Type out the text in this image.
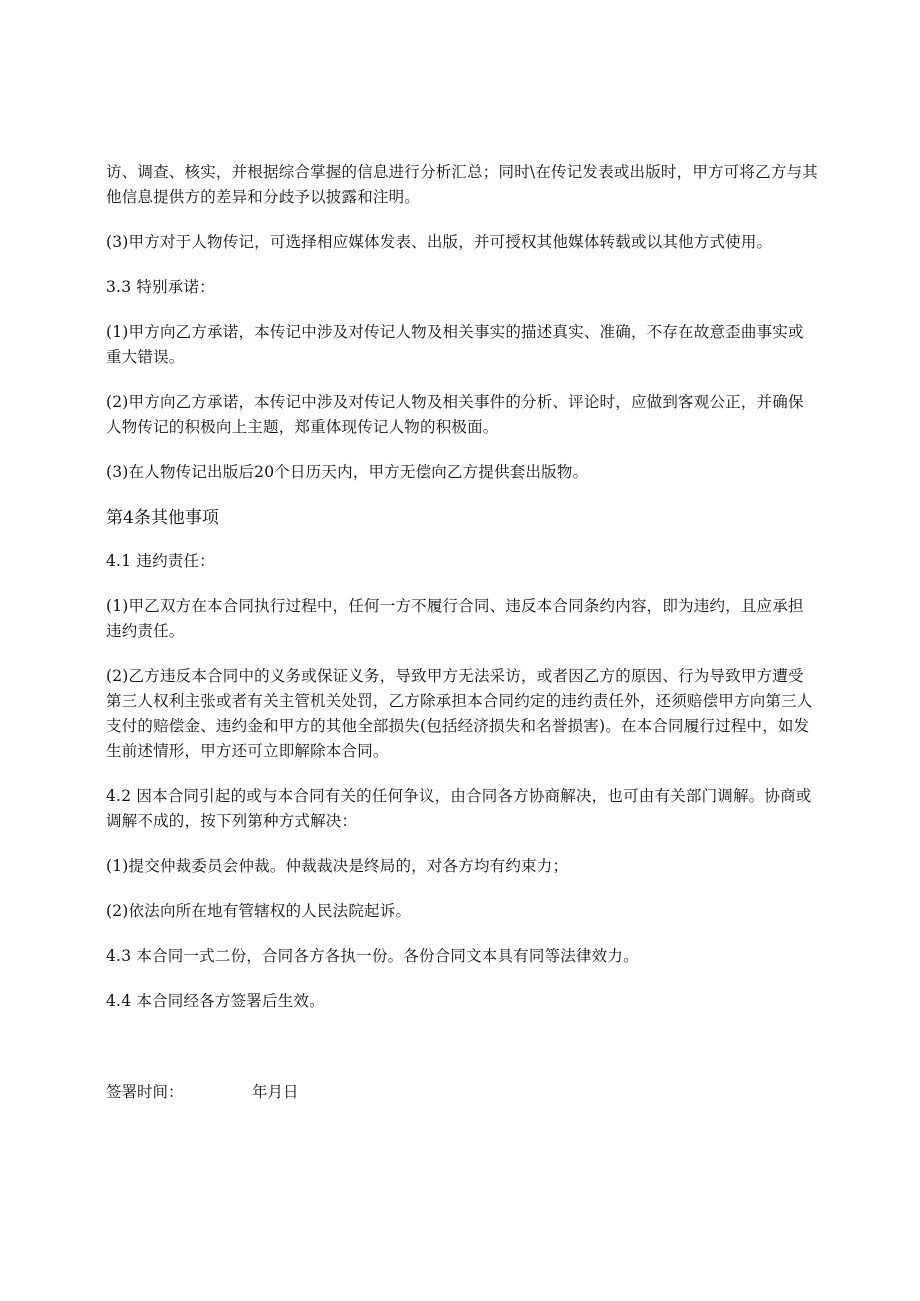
访、调查、核实，并根据综合掌握的信息进行分析汇总；同时\在传记发表或出版时，甲方可将乙方与其他信息提供方的差异和分歧予以披露和注明。

(3)甲方对于人物传记，可选择相应媒体发表、出版，并可授权其他媒体转载或以其他方式使用。

3.3 特别承诺：

(1)甲方向乙方承诺，本传记中涉及对传记人物及相关事实的描述真实、准确，不存在故意歪曲事实或重大错误。

(2)甲方向乙方承诺，本传记中涉及对传记人物及相关事件的分析、评论时，应做到客观公正，并确保人物传记的积极向上主题，郑重体现传记人物的积极面。

(3)在人物传记出版后20个日历天内，甲方无偿向乙方提供套出版物。

第4条其他事项

4.1 违约责任：

(1)甲乙双方在本合同执行过程中，任何一方不履行合同、违反本合同条约内容，即为违约，且应承担违约责任。

(2)乙方违反本合同中的义务或保证义务，导致甲方无法采访，或者因乙方的原因、行为导致甲方遭受第三人权利主张或者有关主管机关处罚，乙方除承担本合同约定的违约责任外，还须赔偿甲方向第三人支付的赔偿金、违约金和甲方的其他全部损失(包括经济损失和名誉损害)。在本合同履行过程中，如发生前述情形，甲方还可立即解除本合同。

4.2 因本合同引起的或与本合同有关的任何争议，由合同各方协商解决，也可由有关部门调解。协商或调解不成的，按下列第种方式解决：

(1)提交仲裁委员会仲裁。仲裁裁决是终局的，对各方均有约束力；

(2)依法向所在地有管辖权的人民法院起诉。

4.3 本合同一式二份，合同各方各执一份。各份合同文本具有同等法律效力。

4.4 本合同经各方签署后生效。

签署时间：	年月日
